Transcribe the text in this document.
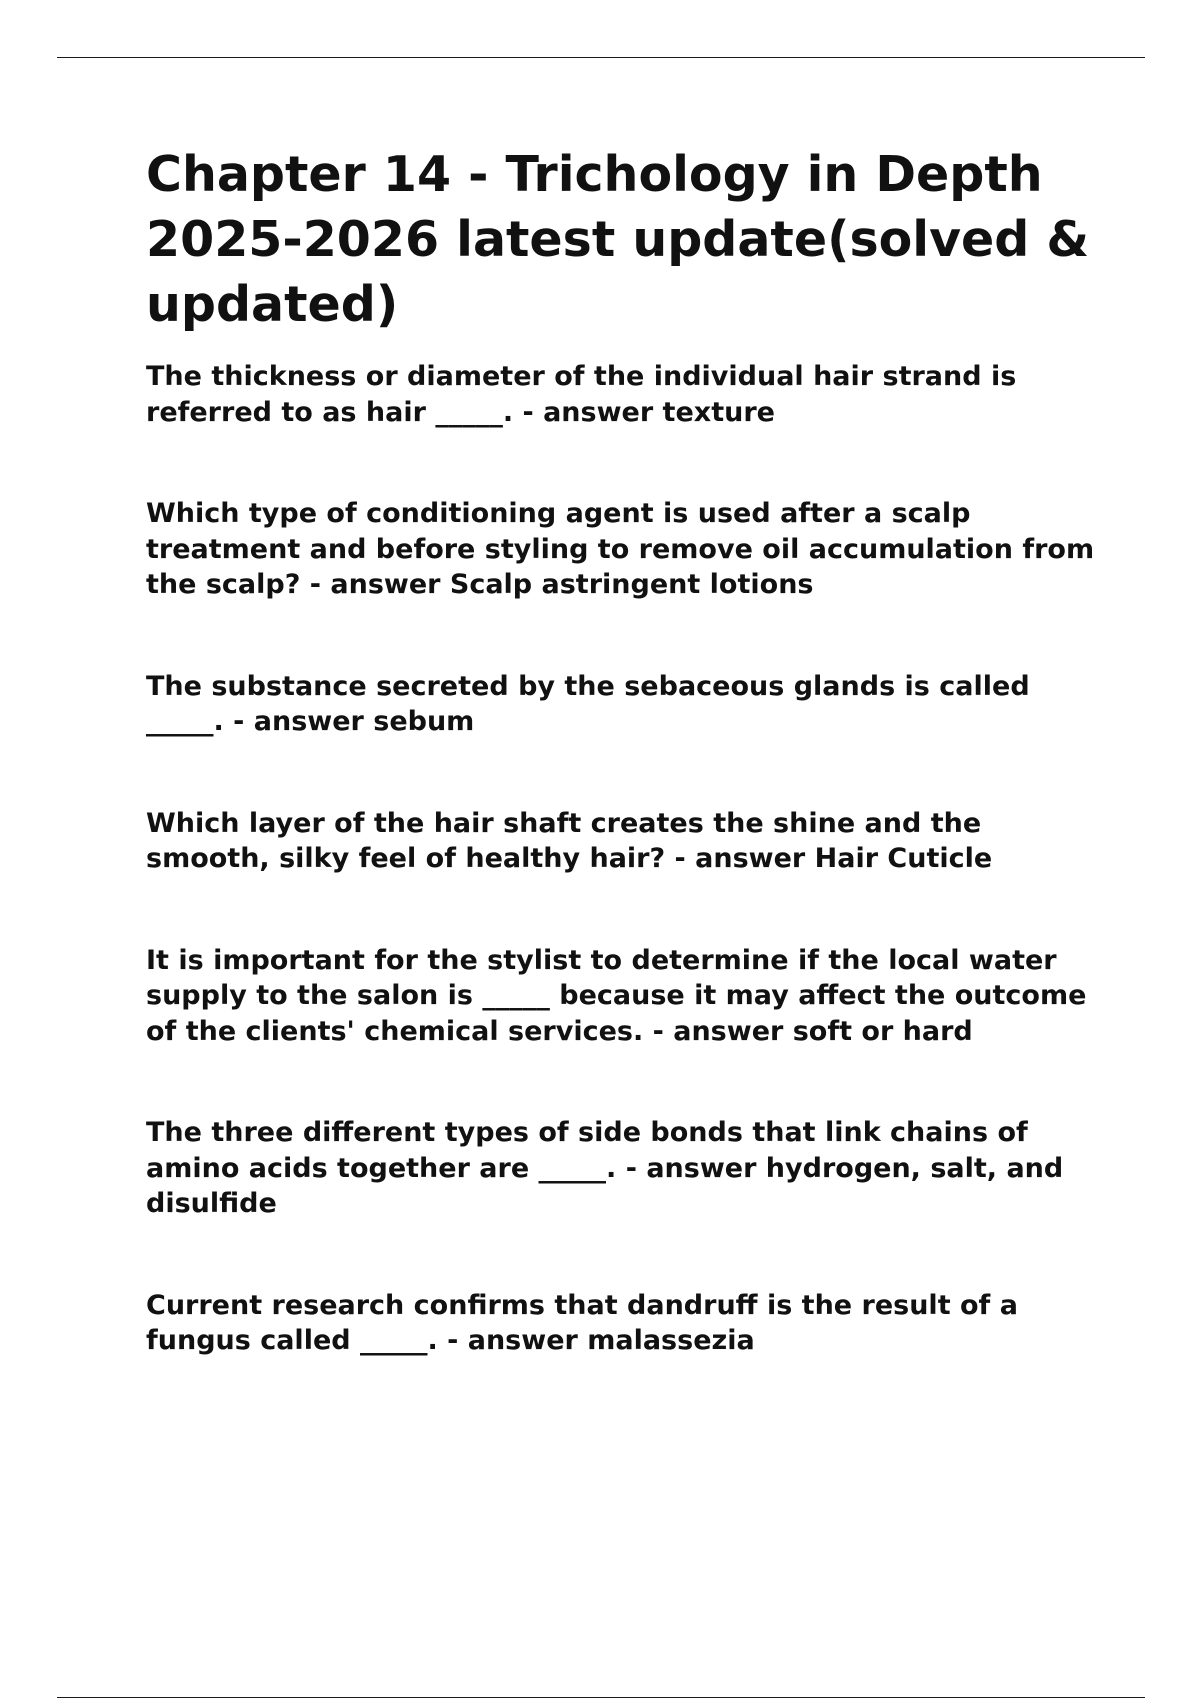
Chapter 14 - Trichology in Depth 2025-2026 latest update(solved & updated)
The thickness or diameter of the individual hair strand is referred to as hair _____. - answer texture
Which type of conditioning agent is used after a scalp treatment and before styling to remove oil accumulation from the scalp? - answer Scalp astringent lotions
The substance secreted by the sebaceous glands is called _____. - answer sebum
Which layer of the hair shaft creates the shine and the smooth, silky feel of healthy hair? - answer Hair Cuticle
It is important for the stylist to determine if the local water supply to the salon is _____ because it may affect the outcome of the clients' chemical services. - answer soft or hard
The three different types of side bonds that link chains of amino acids together are _____. - answer hydrogen, salt, and disulfide
Current research confirms that dandruff is the result of a fungus called _____. - answer malassezia
